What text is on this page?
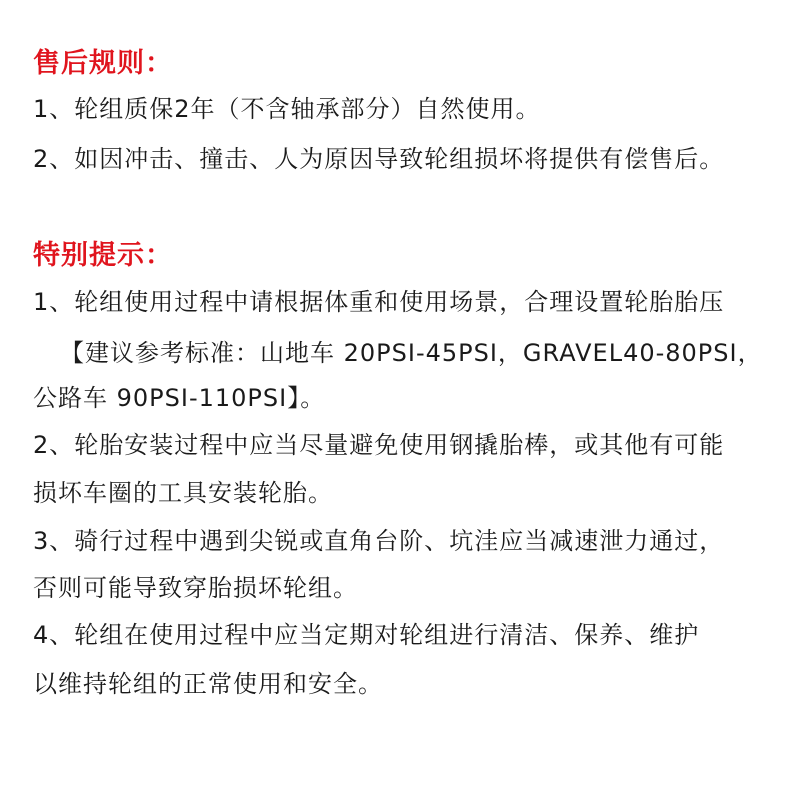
售后规则：
1、轮组质保2年（不含轴承部分）自然使用。
2、如因冲击、撞击、人为原因导致轮组损坏将提供有偿售后。
特别提示：
1、轮组使用过程中请根据体重和使用场景，合理设置轮胎胎压
【建议参考标准：山地车 20PSI-45PSI，GRAVEL40-80PSI，
公路车 90PSI-110PSI】。
2、轮胎安装过程中应当尽量避免使用钢撬胎棒，或其他有可能
损坏车圈的工具安装轮胎。
3、骑行过程中遇到尖锐或直角台阶、坑洼应当减速泄力通过，
否则可能导致穿胎损坏轮组。
4、轮组在使用过程中应当定期对轮组进行清洁、保养、维护
以维持轮组的正常使用和安全。
